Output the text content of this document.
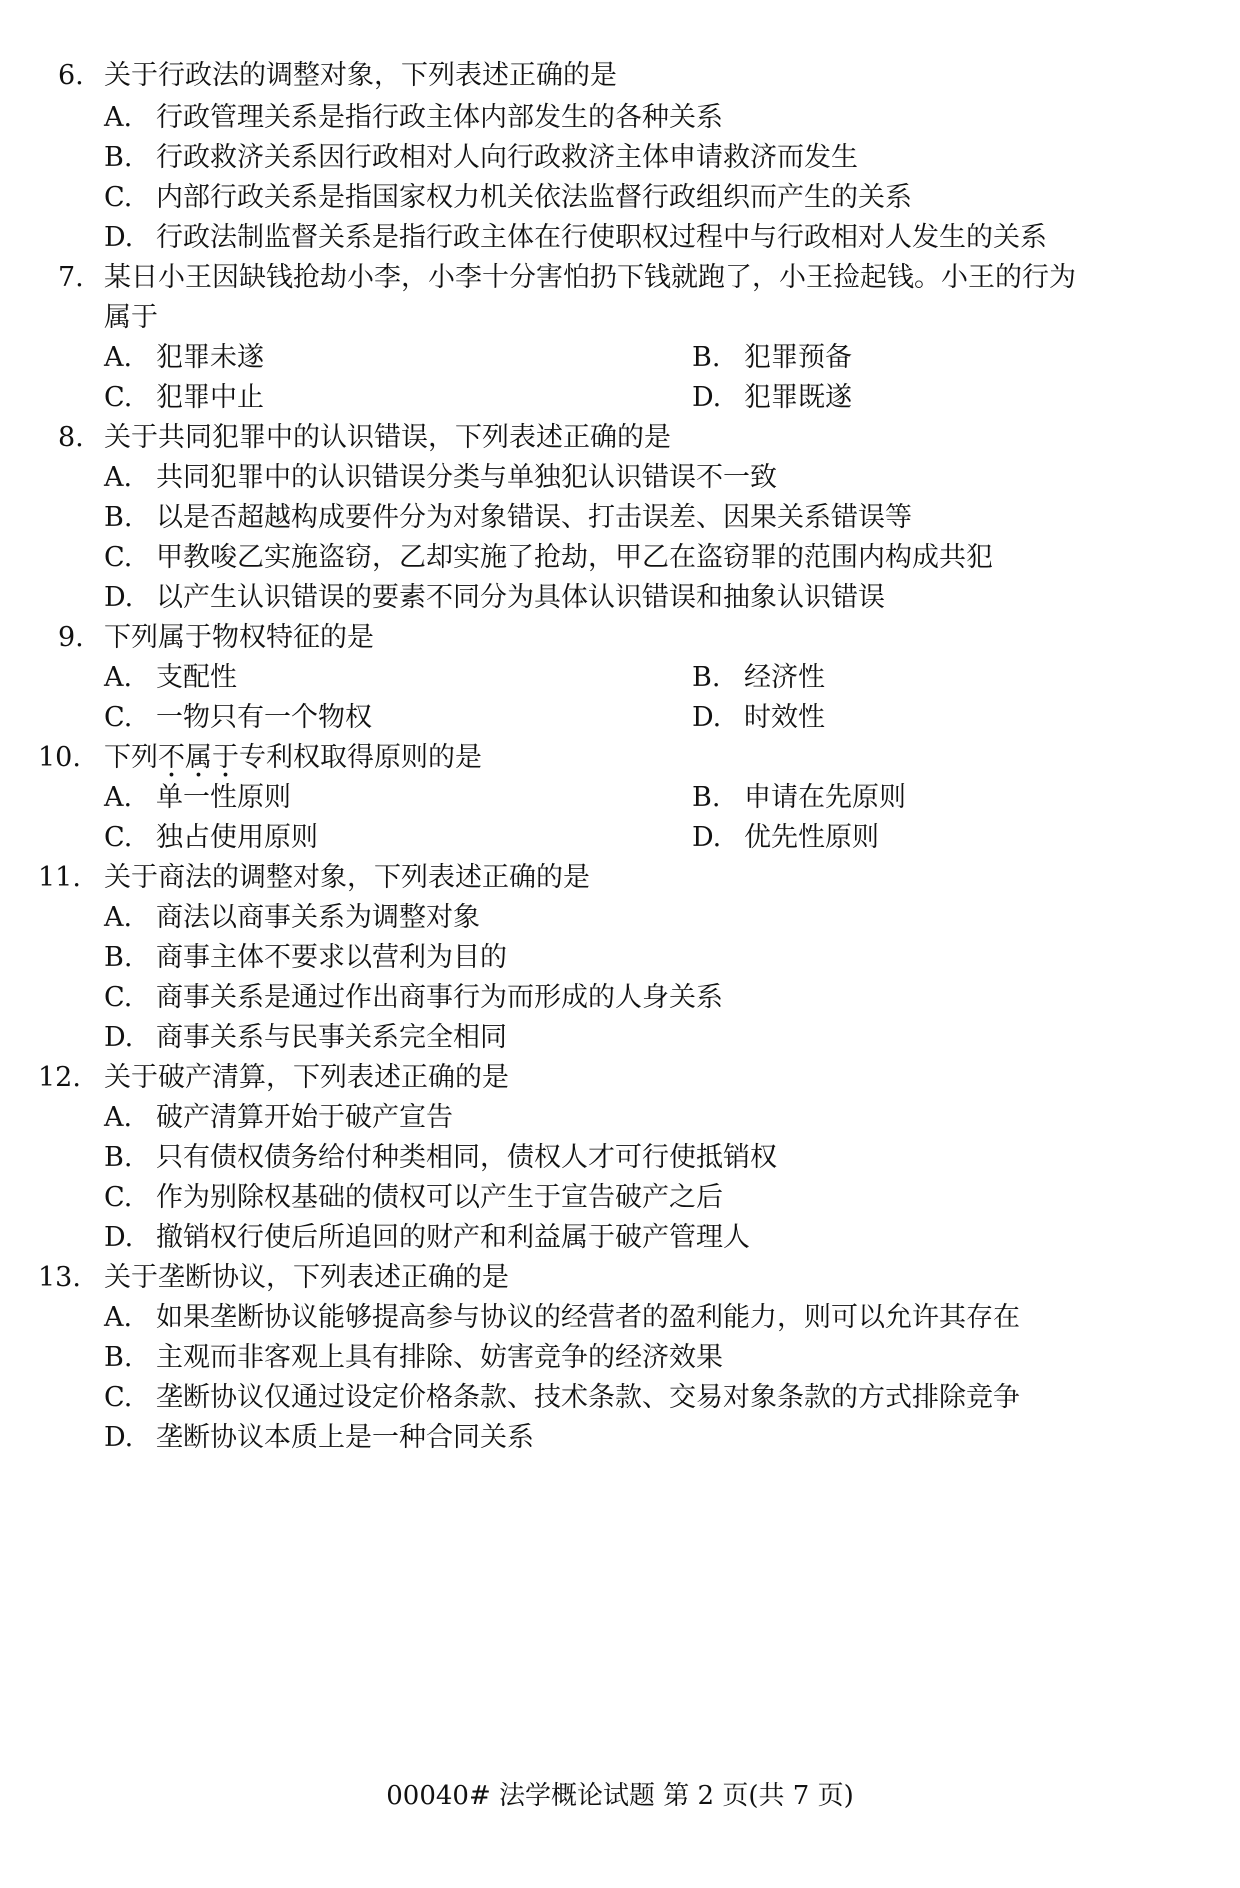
6. 关于行政法的调整对象，下列表述正确的是
A. 行政管理关系是指行政主体内部发生的各种关系
B. 行政救济关系因行政相对人向行政救济主体申请救济而发生
C. 内部行政关系是指国家权力机关依法监督行政组织而产生的关系
D. 行政法制监督关系是指行政主体在行使职权过程中与行政相对人发生的关系
7. 某日小王因缺钱抢劫小李，小李十分害怕扔下钱就跑了，小王捡起钱。小王的行为
属于
A. 犯罪未遂	B. 犯罪预备
C. 犯罪中止	D. 犯罪既遂
8. 关于共同犯罪中的认识错误，下列表述正确的是
A. 共同犯罪中的认识错误分类与单独犯认识错误不一致
B. 以是否超越构成要件分为对象错误、打击误差、因果关系错误等
C. 甲教唆乙实施盗窃，乙却实施了抢劫，甲乙在盗窃罪的范围内构成共犯
D. 以产生认识错误的要素不同分为具体认识错误和抽象认识错误
9. 下列属于物权特征的是
A. 支配性	B. 经济性
C. 一物只有一个物权	D. 时效性
10. 下列不属于专利权取得原则的是
A. 单一性原则	B. 申请在先原则
C. 独占使用原则	D. 优先性原则
11. 关于商法的调整对象，下列表述正确的是
A. 商法以商事关系为调整对象
B. 商事主体不要求以营利为目的
C. 商事关系是通过作出商事行为而形成的人身关系
D. 商事关系与民事关系完全相同
12. 关于破产清算，下列表述正确的是
A. 破产清算开始于破产宣告
B. 只有债权债务给付种类相同，债权人才可行使抵销权
C. 作为别除权基础的债权可以产生于宣告破产之后
D. 撤销权行使后所追回的财产和利益属于破产管理人
13. 关于垄断协议，下列表述正确的是
A. 如果垄断协议能够提高参与协议的经营者的盈利能力，则可以允许其存在
B. 主观而非客观上具有排除、妨害竞争的经济效果
C. 垄断协议仅通过设定价格条款、技术条款、交易对象条款的方式排除竞争
D. 垄断协议本质上是一种合同关系
00040# 法学概论试题 第 2 页(共 7 页)
